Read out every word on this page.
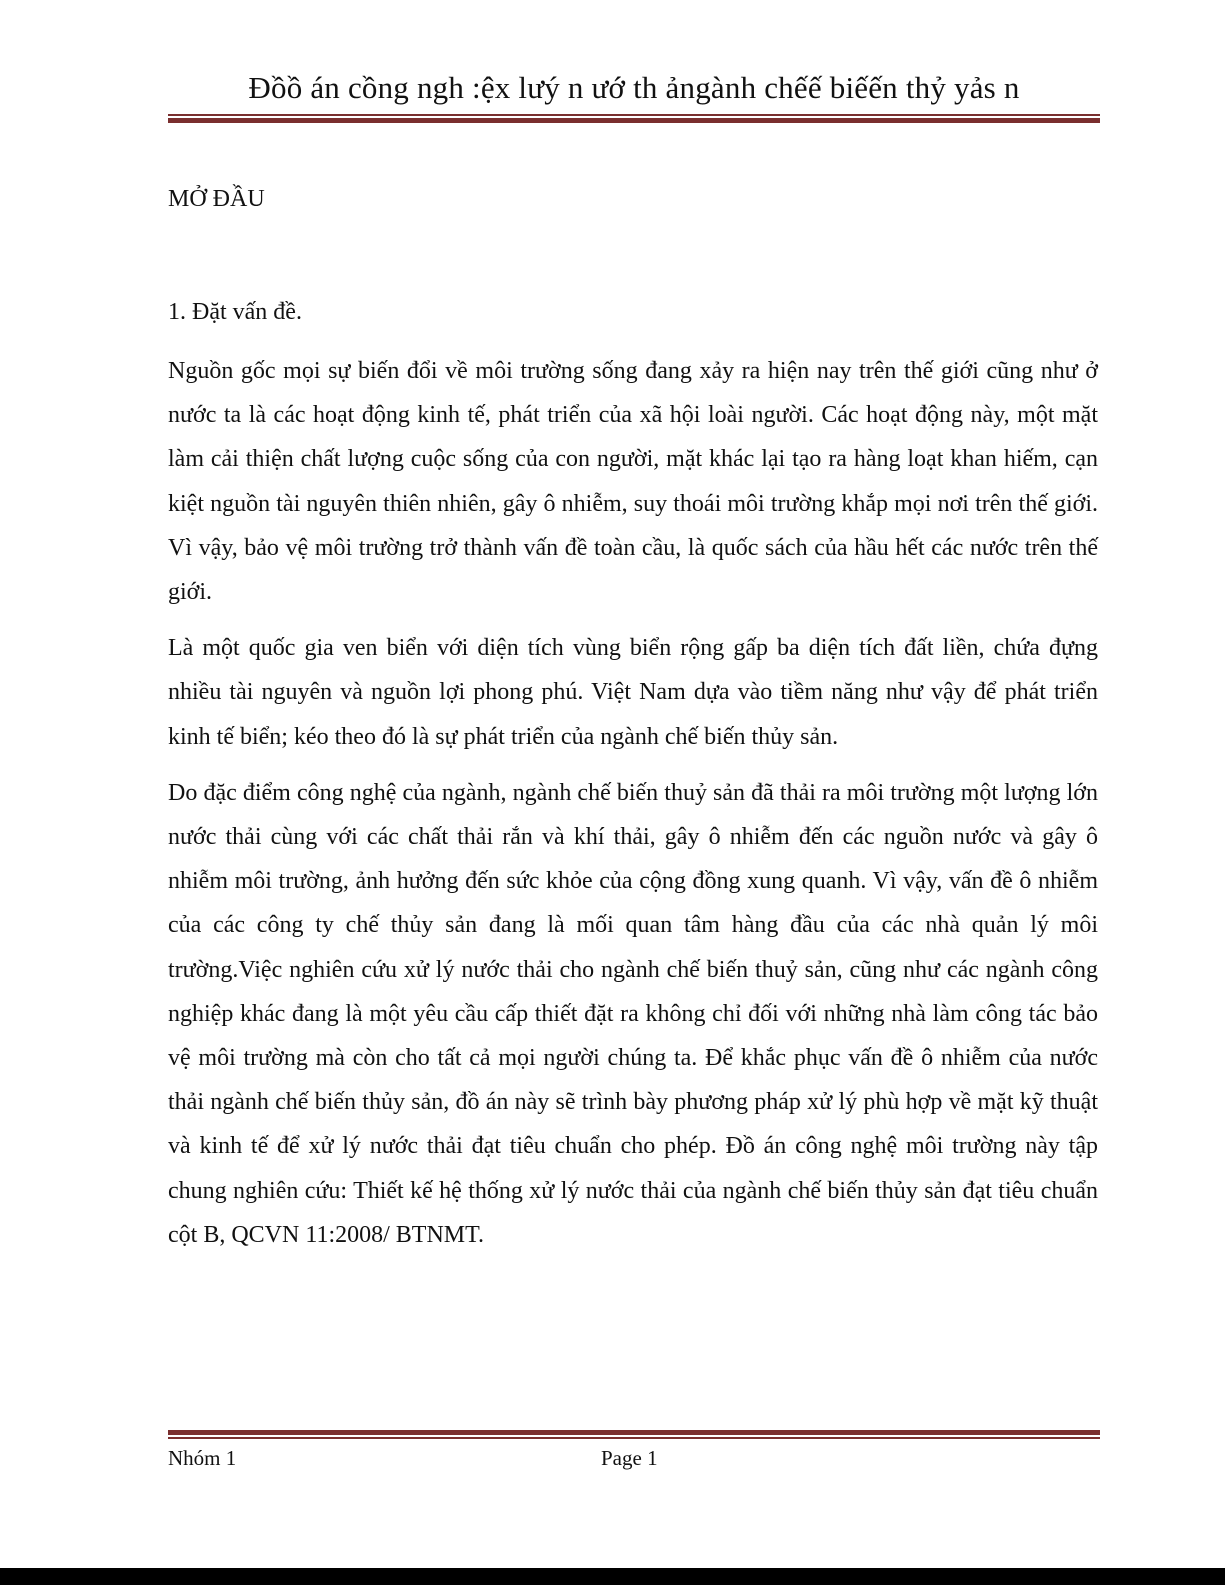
Đồồ án cồng ngh :ệx lưý n ướ th ảngành chếế biếến thỷ yảs n
MỞ ĐẦU
1. Đặt vấn đề.

Nguồn gốc mọi sự biến đổi về môi trường sống đang xảy ra hiện nay trên thế giới cũng như ở nước ta là các hoạt động kinh tế, phát triển của xã hội loài người. Các hoạt động này, một mặt làm cải thiện chất lượng cuộc sống của con người, mặt khác lại tạo ra hàng loạt khan hiếm, cạn kiệt nguồn tài nguyên thiên nhiên, gây ô nhiễm, suy thoái môi trường khắp mọi nơi trên thế giới. Vì vậy, bảo vệ môi trường trở thành vấn đề toàn cầu, là quốc sách của hầu hết các nước trên thế giới.

Là một quốc gia ven biển với diện tích vùng biển rộng gấp ba diện tích đất liền, chứa đựng nhiều tài nguyên và nguồn lợi phong phú. Việt Nam dựa vào tiềm năng như vậy để phát triển kinh tế biển; kéo theo đó là sự phát triển của ngành chế biến thủy sản.

Do đặc điểm công nghệ của ngành, ngành chế biến thuỷ sản đã thải ra môi trường một lượng lớn nước thải cùng với các chất thải rắn và khí thải, gây ô nhiễm đến các nguồn nước và gây ô nhiễm môi trường, ảnh hưởng đến sức khỏe của cộng đồng xung quanh. Vì vậy, vấn đề ô nhiễm của các công ty chế thủy sản đang là mối quan tâm hàng đầu của các nhà quản lý môi trường.Việc nghiên cứu xử lý nước thải cho ngành chế biến thuỷ sản, cũng như các ngành công nghiệp khác đang là một yêu cầu cấp thiết đặt ra không chỉ đối với những nhà làm công tác bảo vệ môi trường mà còn cho tất cả mọi người chúng ta. Để khắc phục vấn đề ô nhiễm của nước thải ngành chế biến thủy sản, đồ án này sẽ trình bày phương pháp xử lý phù hợp về mặt kỹ thuật và kinh tế để xử lý nước thải đạt tiêu chuẩn cho phép. Đồ án công nghệ môi trường này tập chung nghiên cứu: Thiết kế hệ thống xử lý nước thải của ngành chế biến thủy sản đạt tiêu chuẩn cột B, QCVN 11:2008/ BTNMT.

Nhóm 1	Page 1
